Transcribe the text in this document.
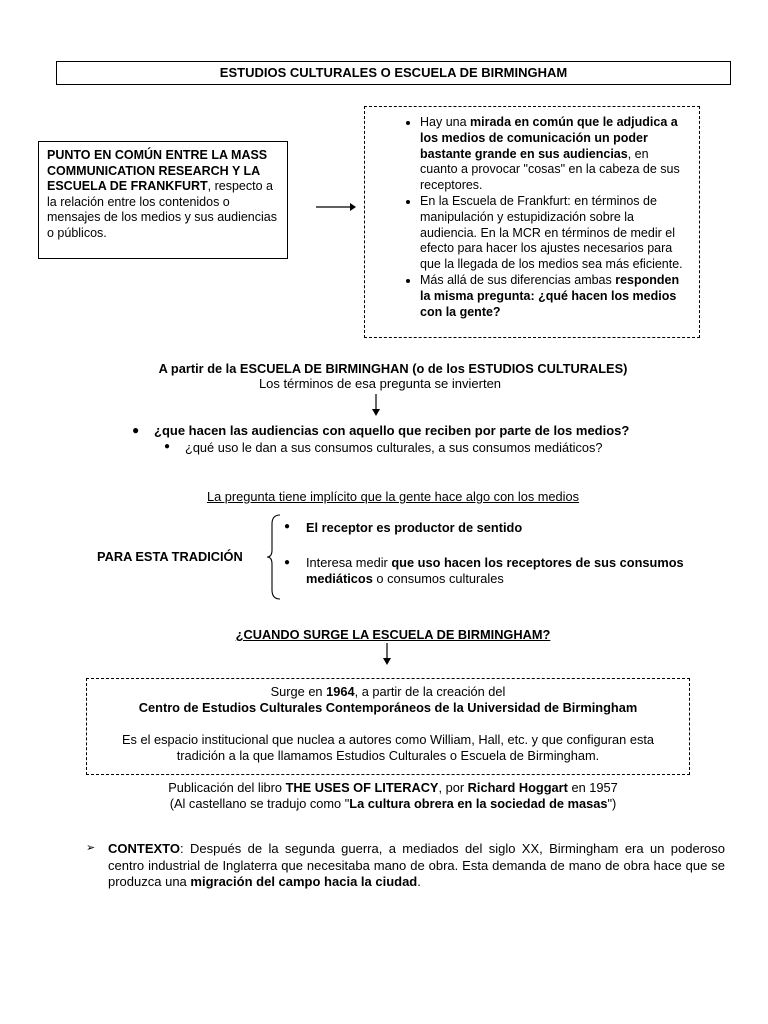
ESTUDIOS CULTURALES O ESCUELA DE BIRMINGHAM
PUNTO EN COMÚN ENTRE LA MASS COMMUNICATION RESEARCH Y LA ESCUELA DE FRANKFURT, respecto a la relación entre los contenidos o mensajes de los medios y sus audiencias o públicos.
• Hay una mirada en común que le adjudica a los medios de comunicación un poder bastante grande en sus audiencias, en cuanto a provocar "cosas" en la cabeza de sus receptores.
• En la Escuela de Frankfurt: en términos de manipulación y estupidización sobre la audiencia. En la MCR en términos de medir el efecto para hacer los ajustes necesarios para que la llegada de los medios sea más eficiente.
• Más allá de sus diferencias ambas responden la misma pregunta: ¿qué hacen los medios con la gente?
A partir de la ESCUELA DE BIRMINGHAN (o de los ESTUDIOS CULTURALES)
Los términos de esa pregunta se invierten
● ¿que hacen las audiencias con aquello que reciben por parte de los medios?
● ¿qué uso le dan a sus consumos culturales, a sus consumos mediáticos?
La pregunta tiene implícito que la gente hace algo con los medios
PARA ESTA TRADICIÓN
● El receptor es productor de sentido
● Interesa medir que uso hacen los receptores de sus consumos mediáticos o consumos culturales
¿CUANDO SURGE LA ESCUELA DE BIRMINGHAM?
Surge en 1964, a partir de la creación del
Centro de Estudios Culturales Contemporáneos de la Universidad de Birmingham
Es el espacio institucional que nuclea a autores como William, Hall, etc. y que configuran esta tradición a la que llamamos Estudios Culturales o Escuela de Birmingham.
Publicación del libro THE USES OF LITERACY, por Richard Hoggart en 1957
(Al castellano se tradujo como "La cultura obrera en la sociedad de masas")
➢ CONTEXTO: Después de la segunda guerra, a mediados del siglo XX, Birmingham era un poderoso centro industrial de Inglaterra que necesitaba mano de obra. Esta demanda de mano de obra hace que se produzca una migración del campo hacia la ciudad.
